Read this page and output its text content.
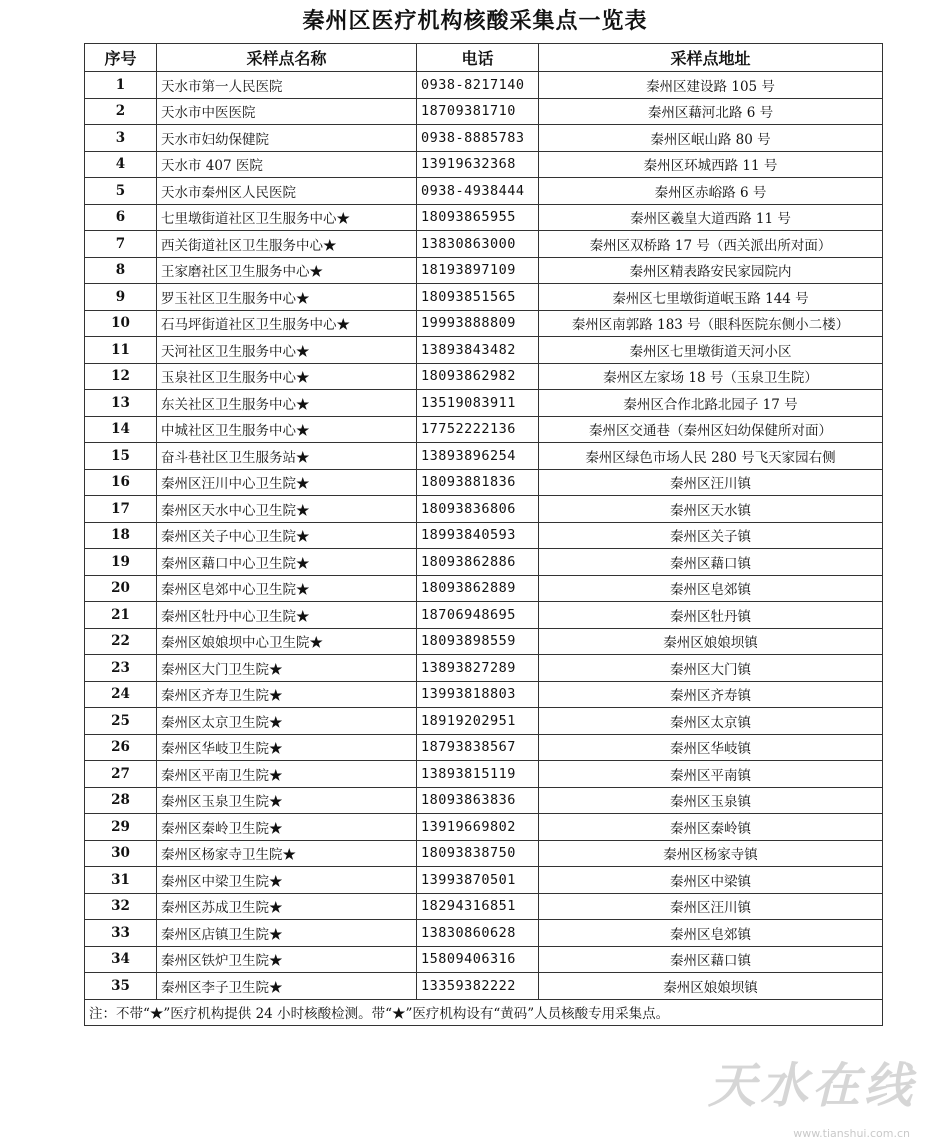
秦州区医疗机构核酸采集点一览表
序号	采样点名称	电话	采样点地址
1	天水市第一人民医院	0938-8217140	秦州区建设路 105 号
2	天水市中医医院	18709381710	秦州区藉河北路 6 号
3	天水市妇幼保健院	0938-8885783	秦州区岷山路 80 号
4	天水市 407 医院	13919632368	秦州区环城西路 11 号
5	天水市秦州区人民医院	0938-4938444	秦州区赤峪路 6 号
6	七里墩街道社区卫生服务中心★	18093865955	秦州区羲皇大道西路 11 号
7	西关街道社区卫生服务中心★	13830863000	秦州区双桥路 17 号（西关派出所对面）
8	王家磨社区卫生服务中心★	18193897109	秦州区精表路安民家园院内
9	罗玉社区卫生服务中心★	18093851565	秦州区七里墩街道岷玉路 144 号
10	石马坪街道社区卫生服务中心★	19993888809	秦州区南郭路 183 号（眼科医院东侧小二楼）
11	天河社区卫生服务中心★	13893843482	秦州区七里墩街道天河小区
12	玉泉社区卫生服务中心★	18093862982	秦州区左家场 18 号（玉泉卫生院）
13	东关社区卫生服务中心★	13519083911	秦州区合作北路北园子 17 号
14	中城社区卫生服务中心★	17752222136	秦州区交通巷（秦州区妇幼保健所对面）
15	奋斗巷社区卫生服务站★	13893896254	秦州区绿色市场人民 280 号飞天家园右侧
16	秦州区汪川中心卫生院★	18093881836	秦州区汪川镇
17	秦州区天水中心卫生院★	18093836806	秦州区天水镇
18	秦州区关子中心卫生院★	18993840593	秦州区关子镇
19	秦州区藉口中心卫生院★	18093862886	秦州区藉口镇
20	秦州区皂郊中心卫生院★	18093862889	秦州区皂郊镇
21	秦州区牡丹中心卫生院★	18706948695	秦州区牡丹镇
22	秦州区娘娘坝中心卫生院★	18093898559	秦州区娘娘坝镇
23	秦州区大门卫生院★	13893827289	秦州区大门镇
24	秦州区齐寿卫生院★	13993818803	秦州区齐寿镇
25	秦州区太京卫生院★	18919202951	秦州区太京镇
26	秦州区华岐卫生院★	18793838567	秦州区华岐镇
27	秦州区平南卫生院★	13893815119	秦州区平南镇
28	秦州区玉泉卫生院★	18093863836	秦州区玉泉镇
29	秦州区秦岭卫生院★	13919669802	秦州区秦岭镇
30	秦州区杨家寺卫生院★	18093838750	秦州区杨家寺镇
31	秦州区中梁卫生院★	13993870501	秦州区中梁镇
32	秦州区苏成卫生院★	18294316851	秦州区汪川镇
33	秦州区店镇卫生院★	13830860628	秦州区皂郊镇
34	秦州区铁炉卫生院★	15809406316	秦州区藉口镇
35	秦州区李子卫生院★	13359382222	秦州区娘娘坝镇
注：不带“★”医疗机构提供 24 小时核酸检测。带“★”医疗机构设有“黄码”人员核酸专用采集点。			
天水在线
www.tianshui.com.cn
